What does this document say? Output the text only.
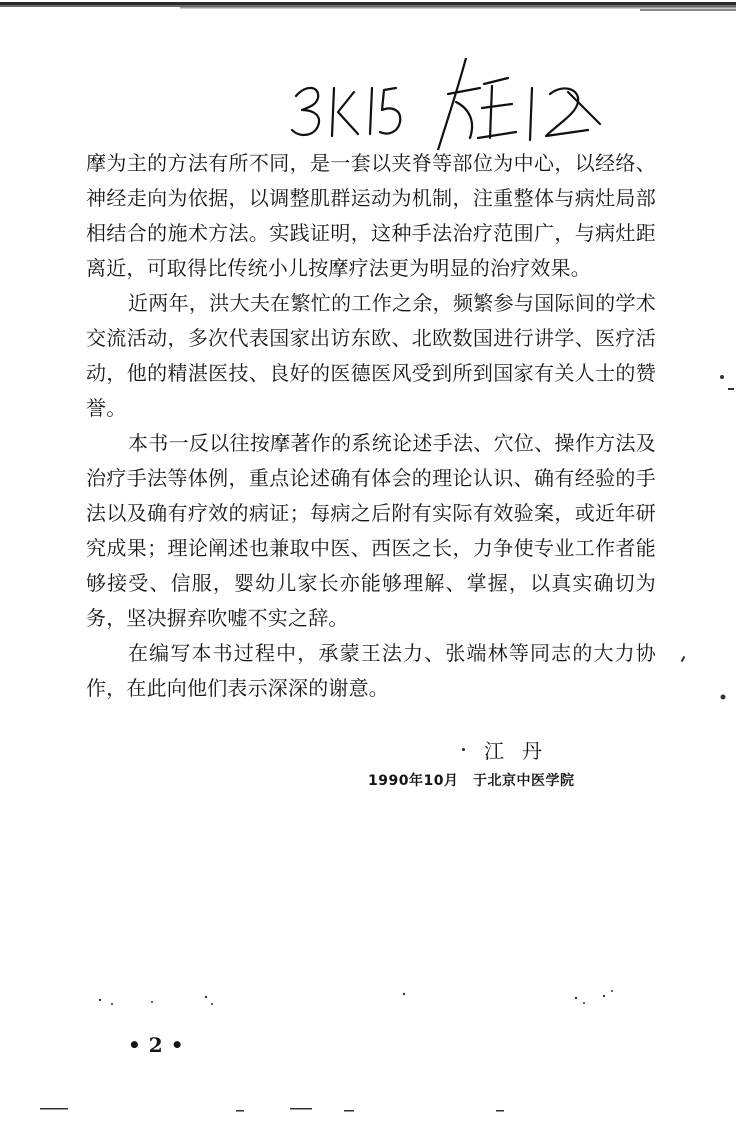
摩为主的方法有所不同，是一套以夹脊等部位为中心，以经络、神经走向为依据，以调整肌群运动为机制，注重整体与病灶局部相结合的施术方法。实践证明，这种手法治疗范围广，与病灶距离近，可取得比传统小儿按摩疗法更为明显的治疗效果。

近两年，洪大夫在繁忙的工作之余，频繁参与国际间的学术交流活动，多次代表国家出访东欧、北欧数国进行讲学、医疗活动，他的精湛医技、良好的医德医风受到所到国家有关人士的赞誉。

本书一反以往按摩著作的系统论述手法、穴位、操作方法及治疗手法等体例，重点论述确有体会的理论认识、确有经验的手法以及确有疗效的病证；每病之后附有实际有效验案，或近年研究成果；理论阐述也兼取中医、西医之长，力争使专业工作者能够接受、信服，婴幼儿家长亦能够理解、掌握，以真实确切为务，坚决摒弃吹嘘不实之辞。

在编写本书过程中，承蒙王法力、张端林等同志的大力协作，在此向他们表示深深的谢意。

江丹
1990年10月　于北京中医学院
•2•
